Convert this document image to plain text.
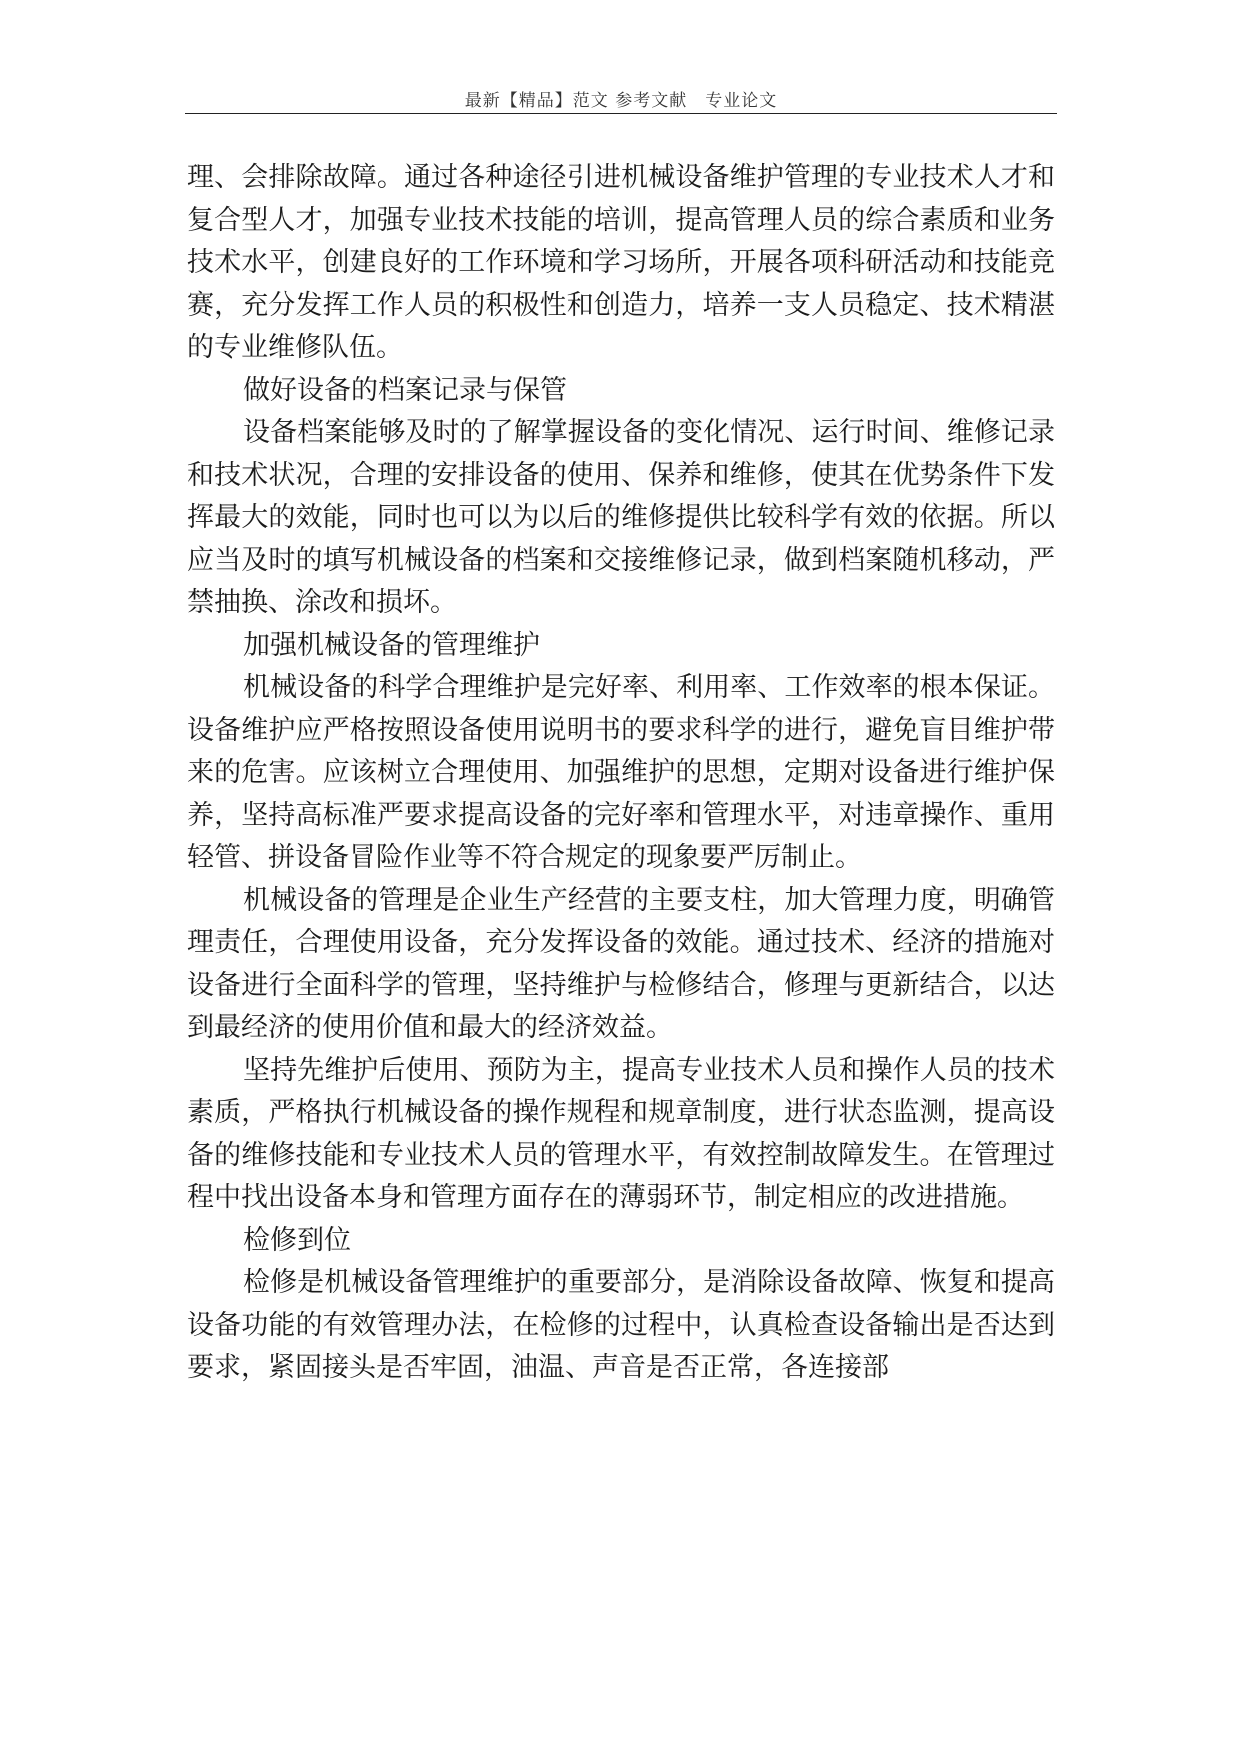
最新【精品】范文 参考文献　专业论文

理、会排除故障。通过各种途径引进机械设备维护管理的专业技术人才和复合型人才，加强专业技术技能的培训，提高管理人员的综合素质和业务技术水平，创建良好的工作环境和学习场所，开展各项科研活动和技能竞赛，充分发挥工作人员的积极性和创造力，培养一支人员稳定、技术精湛的专业维修队伍。

做好设备的档案记录与保管

设备档案能够及时的了解掌握设备的变化情况、运行时间、维修记录和技术状况，合理的安排设备的使用、保养和维修，使其在优势条件下发挥最大的效能，同时也可以为以后的维修提供比较科学有效的依据。所以应当及时的填写机械设备的档案和交接维修记录，做到档案随机移动，严禁抽换、涂改和损坏。

加强机械设备的管理维护

机械设备的科学合理维护是完好率、利用率、工作效率的根本保证。设备维护应严格按照设备使用说明书的要求科学的进行，避免盲目维护带来的危害。应该树立合理使用、加强维护的思想，定期对设备进行维护保养，坚持高标准严要求提高设备的完好率和管理水平，对违章操作、重用轻管、拼设备冒险作业等不符合规定的现象要严厉制止。

机械设备的管理是企业生产经营的主要支柱，加大管理力度，明确管理责任，合理使用设备，充分发挥设备的效能。通过技术、经济的措施对设备进行全面科学的管理，坚持维护与检修结合，修理与更新结合，以达到最经济的使用价值和最大的经济效益。

坚持先维护后使用、预防为主，提高专业技术人员和操作人员的技术素质，严格执行机械设备的操作规程和规章制度，进行状态监测，提高设备的维修技能和专业技术人员的管理水平，有效控制故障发生。在管理过程中找出设备本身和管理方面存在的薄弱环节，制定相应的改进措施。

检修到位

检修是机械设备管理维护的重要部分，是消除设备故障、恢复和提高设备功能的有效管理办法，在检修的过程中，认真检查设备输出是否达到要求，紧固接头是否牢固，油温、声音是否正常，各连接部
